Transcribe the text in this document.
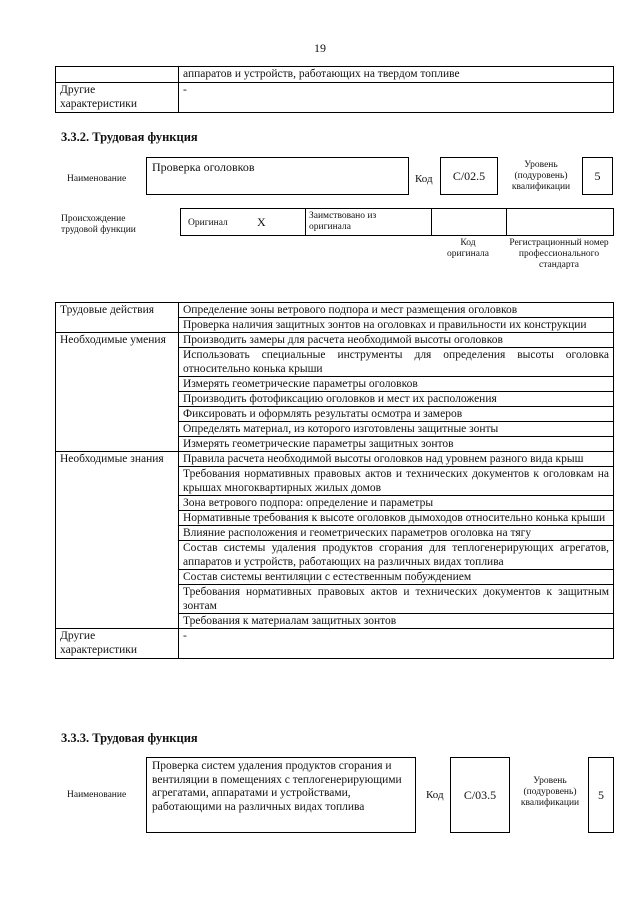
19
	аппаратов и устройств, работающих на твердом топливе
Другие характеристики	-
3.3.2. Трудовая функция
Наименование
Проверка оголовков
Код	C/02.5
Уровень (подуровень) квалификации
5
Происхождение трудовой функции
Оригинал X	Заимствовано из оригинала
Код оригинала
Регистрационный номер профессионального стандарта
Трудовые действия	Определение зоны ветрового подпора и мест размещения оголовков
	Проверка наличия защитных зонтов на оголовках и правильности их конструкции
Необходимые умения	Производить замеры для расчета необходимой высоты оголовков
	Использовать специальные инструменты для определения высоты оголовка относительно конька крыши
	Измерять геометрические параметры оголовков
	Производить фотофиксацию оголовков и мест их расположения
	Фиксировать и оформлять результаты осмотра и замеров
	Определять материал, из которого изготовлены защитные зонты
	Измерять геометрические параметры защитных зонтов
Необходимые знания	Правила расчета необходимой высоты оголовков над уровнем разного вида крыш
	Требования нормативных правовых актов и технических документов к оголовкам на крышах многоквартирных жилых домов
	Зона ветрового подпора: определение и параметры
	Нормативные требования к высоте оголовков дымоходов относительно конька крыши
	Влияние расположения и геометрических параметров оголовка на тягу
	Состав системы удаления продуктов сгорания для теплогенерирующих агрегатов, аппаратов и устройств, работающих на различных видах топлива
	Состав системы вентиляции с естественным побуждением
	Требования нормативных правовых актов и технических документов к защитным зонтам
	Требования к материалам защитных зонтов
Другие характеристики	-
3.3.3. Трудовая функция
Наименование
Проверка систем удаления продуктов сгорания и вентиляции в помещениях с теплогенерирующими агрегатами, аппаратами и устройствами, работающими на различных видах топлива
Код	C/03.5
Уровень (подуровень) квалификации
5
